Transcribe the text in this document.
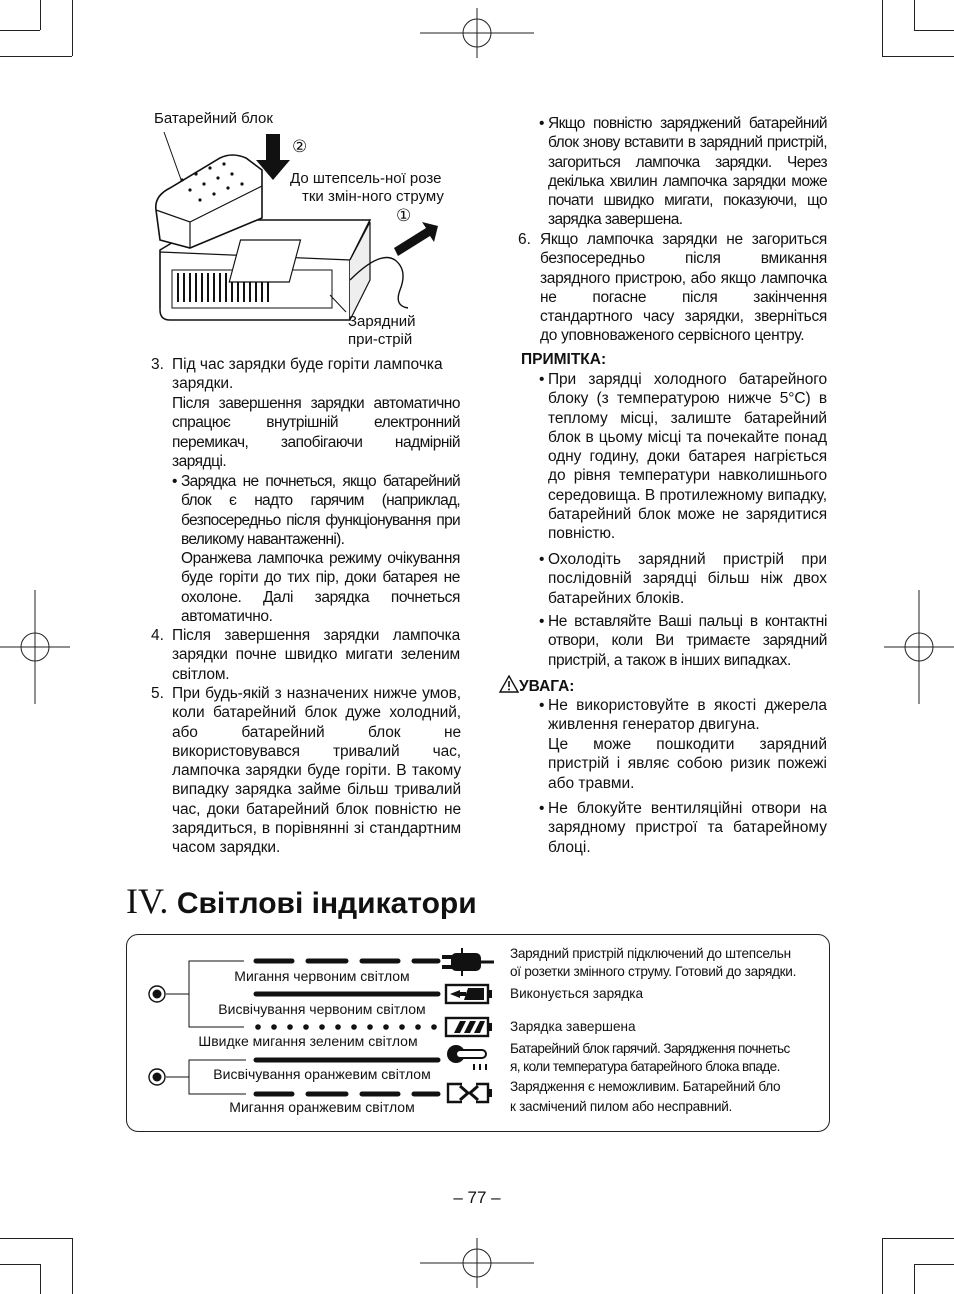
Батарейний блок
②
До штепсель-ної розе
тки змін-ного струму
①
Зарядний
при-стрій
3. Під час зарядки буде горіти лампочка
зарядки.
Після завершення зарядки автоматично спрацює внутрішній електронний перемикач, запобігаючи надмірній зарядці.
• Зарядка не почнеться, якщо батарейний блок є надто гарячим (наприклад, безпосередньо після функціонування при великому навантаженні).
Оранжева лампочка режиму очікування буде горіти до тих пір, доки батарея не охолоне. Далі зарядка почнеться автоматично.
4. Після завершення зарядки лампочка зарядки почне швидко мигати зеленим світлом.
5. При будь-якій з назначених нижче умов, коли батарейний блок дуже холодний, або батарейний блок не використовувався тривалий час, лампочка зарядки буде горіти. В такому випадку зарядка займе більш тривалий час, доки батарейний блок повністю не зарядиться, в порівнянні зі стандартним часом зарядки.
• Якщо повністю заряджений батарейний блок знову вставити в зарядний пристрій, загориться лампочка зарядки. Через декілька хвилин лампочка зарядки може почати швидко мигати, показуючи, що зарядка завершена.
6. Якщо лампочка зарядки не загориться безпосередньо після вмикання зарядного пристрою, або якщо лампочка не погасне після закінчення стандартного часу зарядки, зверніться до уповноваженого сервісного центру.
ПРИМІТКА:
• При зарядці холодного батарейного блоку (з температурою нижче 5°C) в теплому місці, залиште батарейний блок в цьому місці та почекайте понад одну годину, доки батарея нагріється до рівня температури навколишнього середовища. В протилежному випадку, батарейний блок може не зарядитися повністю.
• Охолодіть зарядний пристрій при послідовній зарядці більш ніж двох батарейних блоків.
• Не вставляйте Ваші пальці в контактні отвори, коли Ви тримаєте зарядний пристрій, а також в інших випадках.
УВАГА:
• Не використовуйте в якості джерела живлення генератор двигуна.
Це може пошкодити зарядний пристрій і являє собою ризик пожежі або травми.
• Не блокуйте вентиляційні отвори на зарядному пристрої та батарейному блоці.
IV. Світлові індикатори
Мигання червоним світлом
Висвічування червоним світлом
Швидке мигання зеленим світлом
Висвічування оранжевим світлом
Мигання оранжевим світлом
Зарядний пристрій підключений до штепсельн
ої розетки змінного струму. Готовий до зарядки.
Виконується зарядка
Зарядка завершена
Батарейний блок гарячий. Зарядження почнетьс
я, коли температура батарейного блока впаде.
Зарядження є неможливим. Батарейний бло
к засмічений пилом або несправний.
– 77 –
